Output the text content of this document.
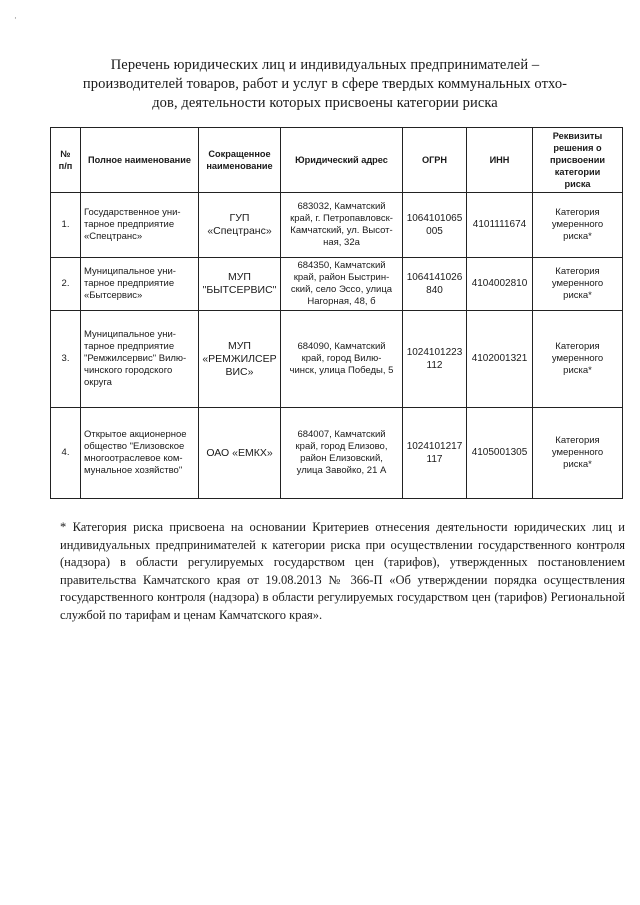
·
Перечень юридических лиц и индивидуальных предпринимателей –
производителей товаров, работ и услуг в сфере твердых коммунальных отхо-
дов, деятельности которых присвоены категории риска
№
п/п	Полное наименование	Сокращенное
наименование	Юридический адрес	ОГРН	ИНН	Реквизиты
решения о
присвоении
категории
риска
1.	Государственное уни-
тарное предприятие
«Спецтранс»	ГУП
«Спецтранс»	683032, Камчатский
край, г. Петропавловск-
Камчатский, ул. Высот-
ная, 32а	1064101065
005	4101111674	Категория
умеренного
риска*
2.	Муниципальное уни-
тарное предприятие
«Бытсервис»	МУП
"БЫТСЕРВИС"	684350, Камчатский
край, район Быстрин-
ский, село Эссо, улица
Нагорная, 48, б	1064141026
840	4104002810	Категория
умеренного
риска*
3.	Муниципальное уни-
тарное предприятие
"Ремжилсервис" Вилю-
чинского городского
округа	МУП
«РЕМЖИЛСЕР
ВИС»	684090, Камчатский
край, город Вилю-
чинск, улица Победы, 5	1024101223
112	4102001321	Категория
умеренного
риска*
4.	Открытое акционерное
общество "Елизовское
многоотраслевое ком-
мунальное хозяйство"	ОАО «ЕМКХ»	684007, Камчатский
край, город Елизово,
район Елизовский,
улица Завойко, 21 А	1024101217
117	4105001305	Категория
умеренного
риска*
* Категория риска присвоена на основании Критериев отнесения деятельности юридических лиц и индивидуальных предпринимателей к категории риска при осуществлении государственного контроля (надзора) в области регулируемых государством цен (тарифов), утвержденных постановлением правительства Камчатского края от 19.08.2013 № 366-П «Об утверждении порядка осуществления государственного контроля (надзора) в области регулируемых государством цен (тарифов) Региональной службой по тарифам и ценам Камчатского края».
